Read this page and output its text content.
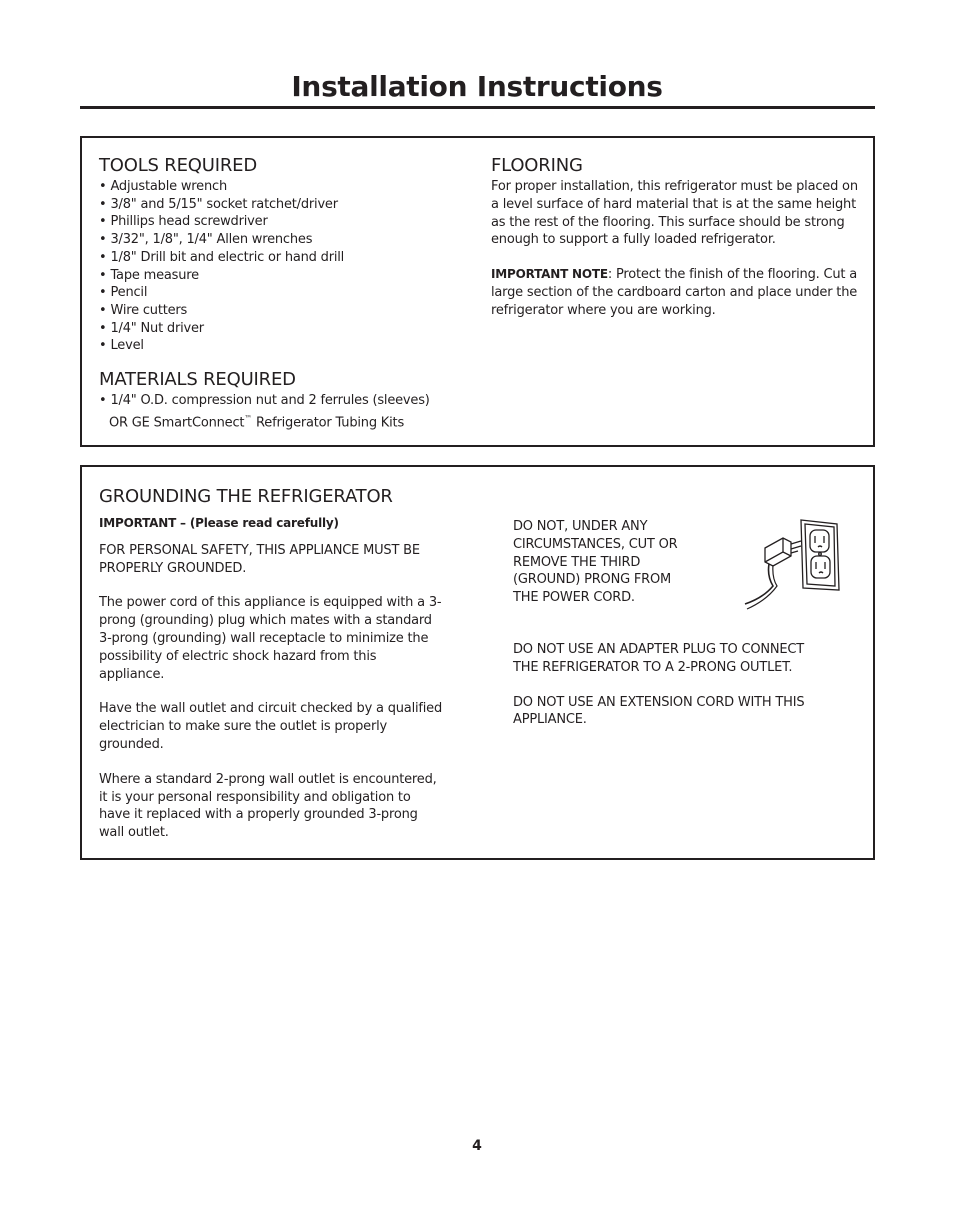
Installation Instructions
TOOLS REQUIRED
• Adjustable wrench
• 3/8" and 5/15" socket ratchet/driver
• Phillips head screwdriver
• 3/32", 1/8", 1/4" Allen wrenches
• 1/8" Drill bit and electric or hand drill
• Tape measure
• Pencil
• Wire cutters
• 1/4" Nut driver
• Level
MATERIALS REQUIRED
• 1/4" O.D. compression nut and 2 ferrules (sleeves)
OR GE SmartConnect™ Refrigerator Tubing Kits
FLOORING

For proper installation, this refrigerator must be placed on a level surface of hard material that is at the same height as the rest of the flooring. This surface should be strong enough to support a fully loaded refrigerator.

IMPORTANT NOTE: Protect the finish of the flooring. Cut a large section of the cardboard carton and place under the refrigerator where you are working.

GROUNDING THE REFRIGERATOR

IMPORTANT – (Please read carefully)

FOR PERSONAL SAFETY, THIS APPLIANCE MUST BE PROPERLY GROUNDED.

The power cord of this appliance is equipped with a 3-prong (grounding) plug which mates with a standard 3-prong (grounding) wall receptacle to minimize the possibility of electric shock hazard from this appliance.

Have the wall outlet and circuit checked by a qualified electrician to make sure the outlet is properly grounded.

Where a standard 2-prong wall outlet is encountered, it is your personal responsibility and obligation to have it replaced with a properly grounded 3-prong wall outlet.

DO NOT, UNDER ANY CIRCUMSTANCES, CUT OR REMOVE THE THIRD (GROUND) PRONG FROM THE POWER CORD.

DO NOT USE AN ADAPTER PLUG TO CONNECT THE REFRIGERATOR TO A 2-PRONG OUTLET.

DO NOT USE AN EXTENSION CORD WITH THIS APPLIANCE.

4
